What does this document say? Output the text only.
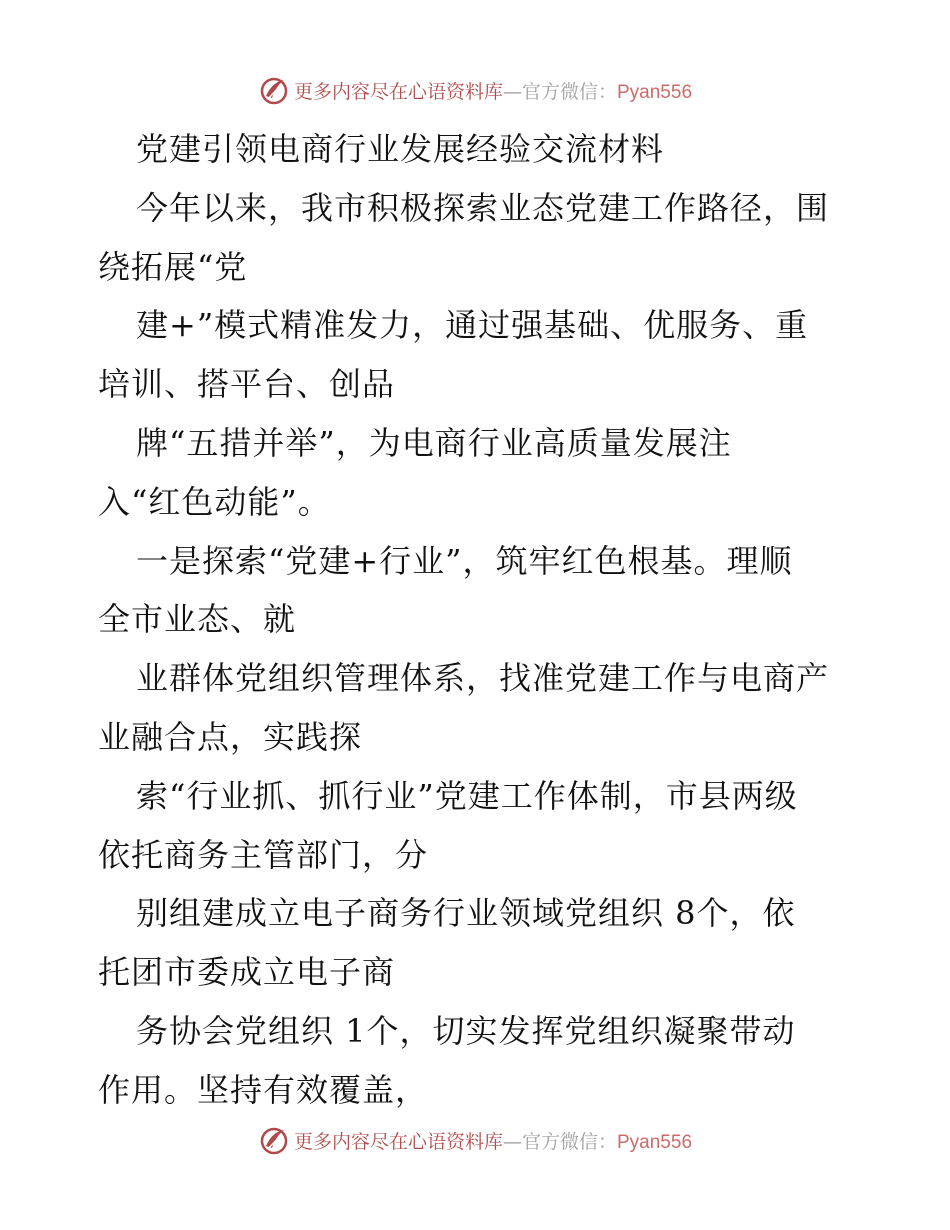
更多内容尽在心语资料库—官方微信：Pyan556
党建引领电商行业发展经验交流材料
今年以来，我市积极探索业态党建工作路径，围
绕拓展“党
建+”模式精准发力，通过强基础、优服务、重
培训、搭平台、创品
牌“五措并举”，为电商行业高质量发展注
入“红色动能”。
一是探索“党建+行业”，筑牢红色根基。理顺
全市业态、就
业群体党组织管理体系，找准党建工作与电商产
业融合点，实践探
索“行业抓、抓行业”党建工作体制，市县两级
依托商务主管部门，分
别组建成立电子商务行业领域党组织 8个，依
托团市委成立电子商
务协会党组织 1个，切实发挥党组织凝聚带动
作用。坚持有效覆盖，
更多内容尽在心语资料库—官方微信：Pyan556
